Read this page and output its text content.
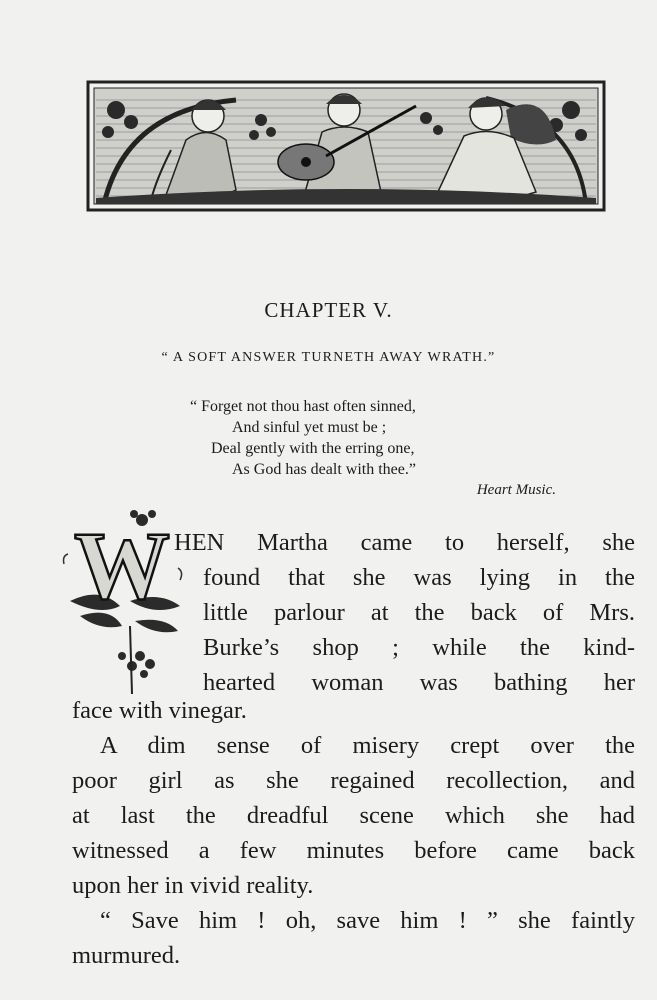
CHAPTER V.
“ A SOFT ANSWER TURNETH AWAY WRATH.”
“ Forget not thou hast often sinned,
And sinful yet must be ;
Deal gently with the erring one,
As God has dealt with thee.”
Heart Music.
W HEN Martha came to herself, she
found that she was lying in the
little parlour at the back of Mrs.
Burke’s shop ; while the kind-
hearted woman was bathing her
face with vinegar.
A dim sense of misery crept over the
poor girl as she regained recollection, and
at last the dreadful scene which she had
witnessed a few minutes before came back
upon her in vivid reality.
“ Save him ! oh, save him ! ” she faintly
murmured.
